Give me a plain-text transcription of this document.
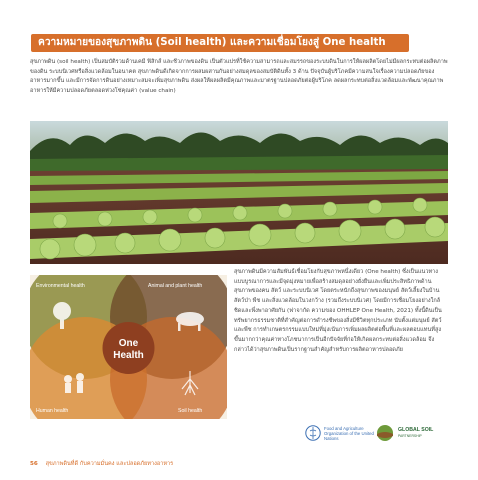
ความหมายของสุขภาพดิน (Soil health) และความเชื่อมโยงสู่ One health
สุขภาพดิน (soil health) เป็นสมบัติรวมด้านเคมี ฟิสิกส์ และชีวภาพของดิน เป็นตัวแปรที่ใช้ความสามารถและสมรรถของระบบดินในการให้ผลผลิตโดยไม่มีผลกระทบต่อผลิตภาพของดิน ระบบนิเวศหรือสิ่งแวดล้อมในอนาคต สุขภาพดินดีเกิดจากการผสมผสานกันอย่างสมดุลของสมบัติดินทั้ง 3 ด้าน ปัจจุบันผู้บริโภคมีความสนใจเรื่องความปลอดภัยของอาหารมากขึ้น และมีการจัดการดินอย่างเหมาะสมจะเพิ่มสุขภาพดิน ส่งผลให้ผลผลิตมีคุณภาพและมาตรฐานปลอดภัยต่อผู้บริโภค ลดผลกระทบต่อสิ่งแวดล้อมและพัฒนาคุณภาพอาหารให้มีความปลอดภัยตลอดห่วงโซ่คุณค่า (value chain)
Environmental health	Animal and plant health
Human health	Soil health
One
Health
สุขภาพดินมีความสัมพันธ์เชื่อมโยงกับสุขภาพหนึ่งเดียว (One health) ซึ่งเป็นแนวทางแบบบูรณาการและมีจุดมุ่งหมายเพื่อสร้างสมดุลอย่างยั่งยืนและเพิ่มประสิทธิภาพด้านสุขภาพของคน สัตว์ และระบบนิเวศ โดยตระหนักถึงสุขภาพของมนุษย์ สัตว์เลี้ยงในบ้าน สัตว์ป่า พืช และสิ่งแวดล้อมในวงกว้าง (รวมถึงระบบนิเวศ) โดยมีการเชื่อมโยงอย่างใกล้ชิดและพึ่งพาอาศัยกัน (ฟาจากัด ความของ OHHLEP One Health, 2021) ทั้งนี้ดินเป็นทรัพยากรธรรมชาติที่สำคัญต่อการดำรงชีพของสิ่งมีชีวิตทุกประเภท นับตั้งแต่มนุษย์ สัตว์ และพืช การทำเกษตรกรรมแบบใหม่ที่มุ่งเน้นการเพิ่มผลผลิตต่อพื้นที่และผลตอบแทนที่สูงขึ้นมากกว่าคุณค่าทางโภชนาการเป็นอีกปัจจัยที่ก่อให้เกิดผลกระทบต่อสิ่งแวดล้อม จึงกล่าวได้ว่าสุขภาพดินเป็นรากฐานสำคัญสำหรับการผลิตอาหารปลอดภัย
Food and Agriculture Organization of the United Nations
GLOBAL SOIL
PARTNERSHIP
56 สุขภาพดินที่ดี กับความมั่นคง และปลอดภัยทางอาหาร
